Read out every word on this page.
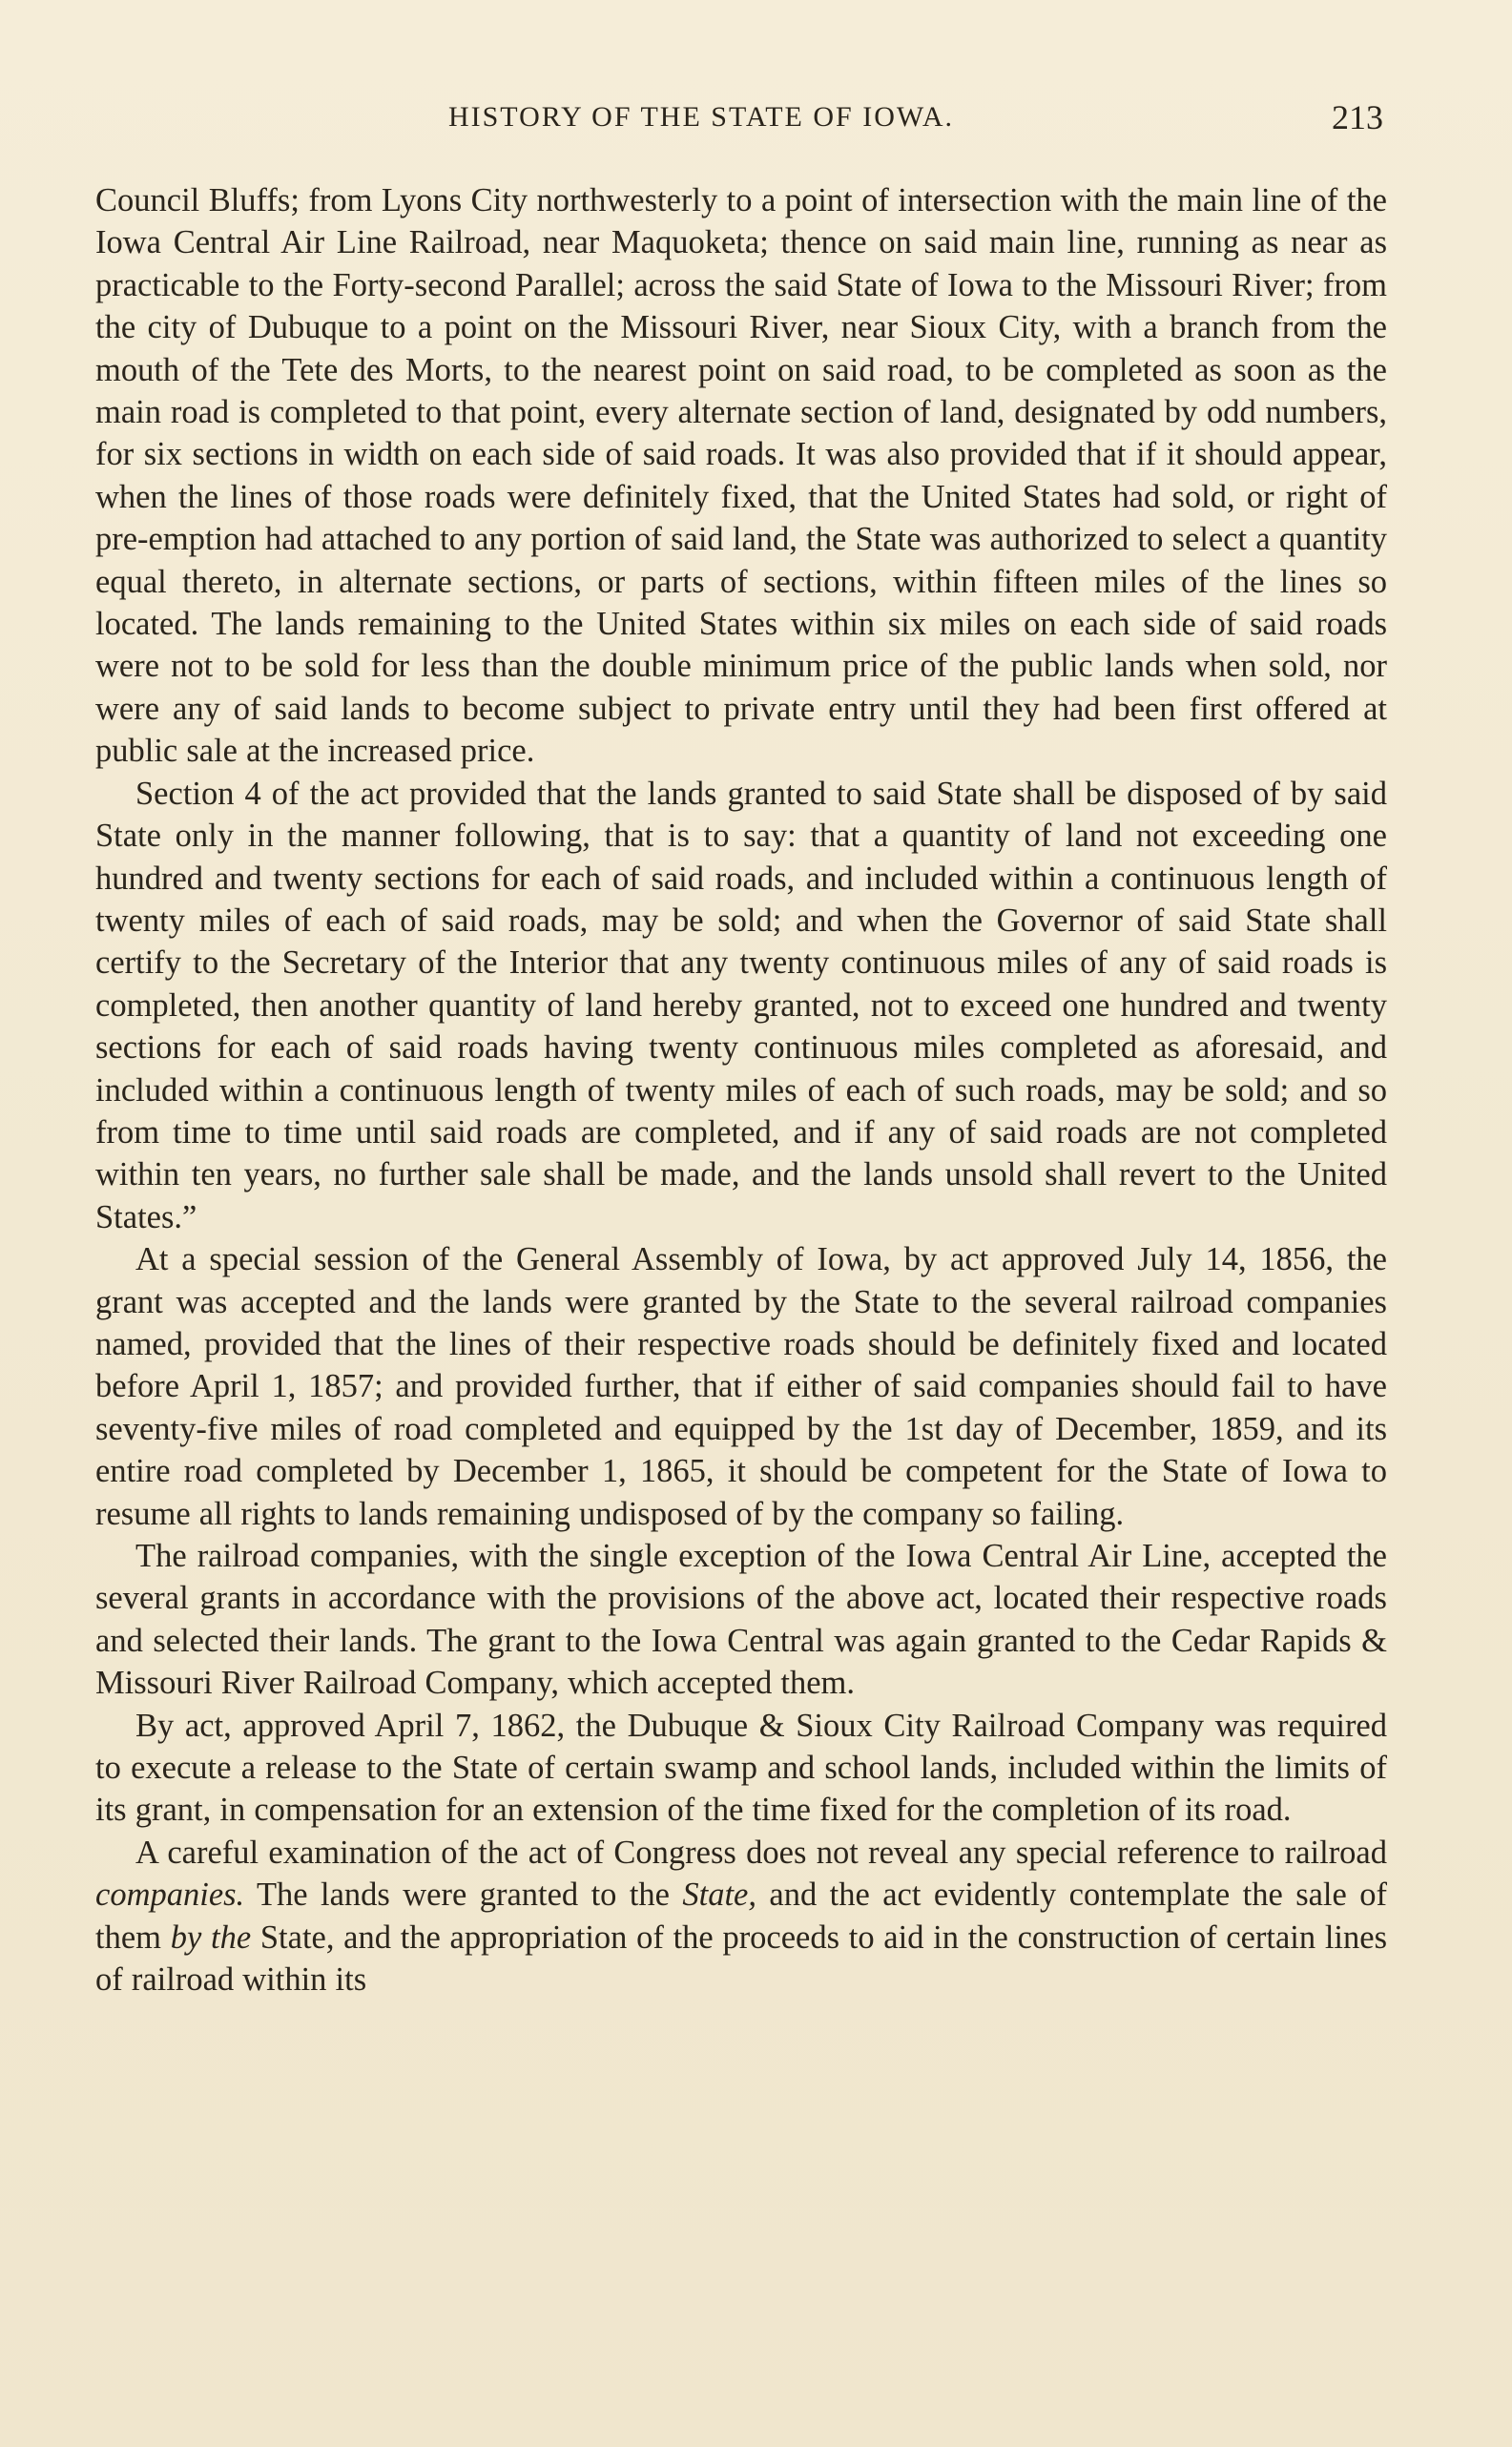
HISTORY OF THE STATE OF IOWA.	213

Council Bluffs; from Lyons City northwesterly to a point of intersection with the main line of the Iowa Central Air Line Railroad, near Maquoketa; thence on said main line, running as near as practicable to the Forty-second Parallel; across the said State of Iowa to the Missouri River; from the city of Dubuque to a point on the Missouri River, near Sioux City, with a branch from the mouth of the Tete des Morts, to the nearest point on said road, to be completed as soon as the main road is completed to that point, every alternate section of land, designated by odd numbers, for six sections in width on each side of said roads. It was also provided that if it should appear, when the lines of those roads were definitely fixed, that the United States had sold, or right of pre-emption had attached to any portion of said land, the State was authorized to select a quantity equal thereto, in alternate sections, or parts of sections, within fifteen miles of the lines so located. The lands remaining to the United States within six miles on each side of said roads were not to be sold for less than the double minimum price of the public lands when sold, nor were any of said lands to become subject to private entry until they had been first offered at public sale at the increased price.

Section 4 of the act provided that the lands granted to said State shall be disposed of by said State only in the manner following, that is to say: that a quantity of land not exceeding one hundred and twenty sections for each of said roads, and included within a continuous length of twenty miles of each of said roads, may be sold; and when the Governor of said State shall certify to the Secretary of the Interior that any twenty continuous miles of any of said roads is completed, then another quantity of land hereby granted, not to exceed one hundred and twenty sections for each of said roads having twenty continuous miles completed as aforesaid, and included within a continuous length of twenty miles of each of such roads, may be sold; and so from time to time until said roads are completed, and if any of said roads are not completed within ten years, no further sale shall be made, and the lands unsold shall revert to the United States.”

At a special session of the General Assembly of Iowa, by act approved July 14, 1856, the grant was accepted and the lands were granted by the State to the several railroad companies named, provided that the lines of their respective roads should be definitely fixed and located before April 1, 1857; and provided further, that if either of said companies should fail to have seventy-five miles of road completed and equipped by the 1st day of December, 1859, and its entire road completed by December 1, 1865, it should be competent for the State of Iowa to resume all rights to lands remaining undisposed of by the company so failing.

The railroad companies, with the single exception of the Iowa Central Air Line, accepted the several grants in accordance with the provisions of the above act, located their respective roads and selected their lands. The grant to the Iowa Central was again granted to the Cedar Rapids & Missouri River Railroad Company, which accepted them.

By act, approved April 7, 1862, the Dubuque & Sioux City Railroad Company was required to execute a release to the State of certain swamp and school lands, included within the limits of its grant, in compensation for an extension of the time fixed for the completion of its road.

A careful examination of the act of Congress does not reveal any special reference to railroad companies. The lands were granted to the State, and the act evidently contemplate the sale of them by the State, and the appropriation of the proceeds to aid in the construction of certain lines of railroad within its
